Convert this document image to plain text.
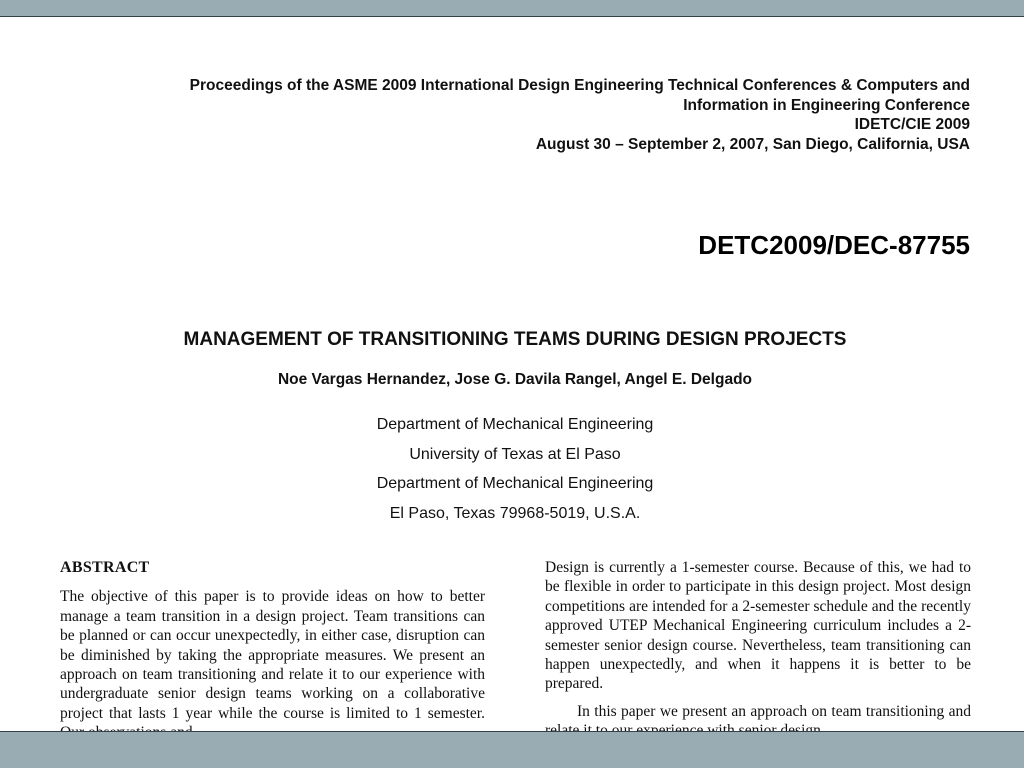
Proceedings of the ASME 2009 International Design Engineering Technical Conferences & Computers and
Information in Engineering Conference
IDETC/CIE 2009
August 30 – September 2, 2007, San Diego, California, USA
DETC2009/DEC-87755
MANAGEMENT OF TRANSITIONING TEAMS DURING DESIGN PROJECTS
Noe Vargas Hernandez, Jose G. Davila Rangel, Angel E. Delgado
Department of Mechanical Engineering
University of Texas at El Paso
Department of Mechanical Engineering
El Paso, Texas 79968-5019, U.S.A.
ABSTRACT

The objective of this paper is to provide ideas on how to better manage a team transition in a design project. Team transitions can be planned or can occur unexpectedly, in either case, disruption can be diminished by taking the appropriate measures. We present an approach on team transitioning and relate it to our experience with undergraduate senior design teams working on a collaborative project that lasts 1 year while the course is limited to 1 semester.

Design is currently a 1-semester course. Because of this, we had to be flexible in order to participate in this design project. Most design competitions are intended for a 2-semester schedule and the recently approved UTEP Mechanical Engineering curriculum includes a 2-semester senior design course. Nevertheless, team transitioning can happen unexpectedly, and when it happens it is better to be prepared.

In this paper we present an approach on team transitioning and
